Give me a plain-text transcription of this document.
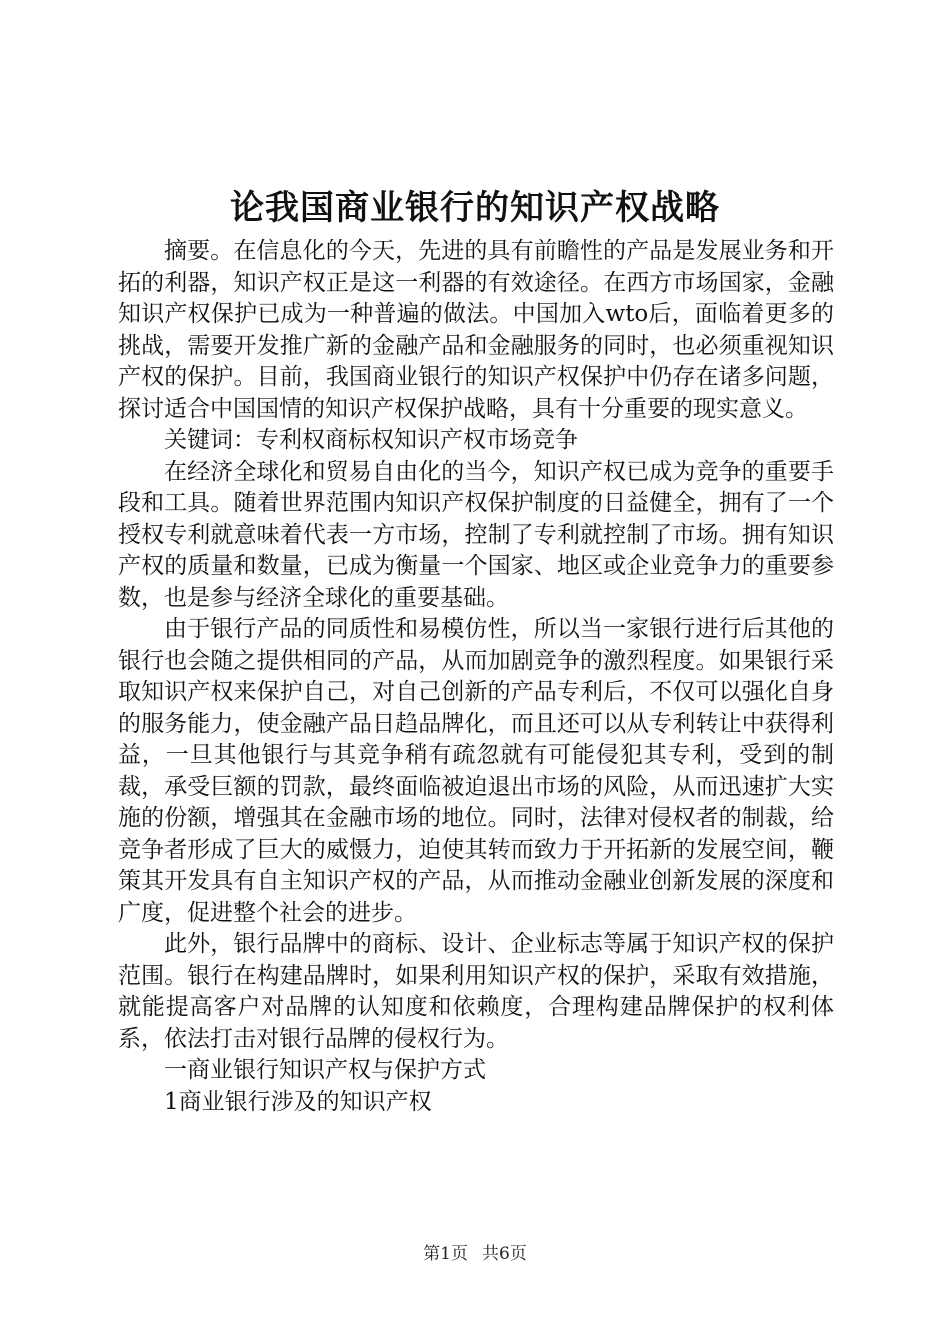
论我国商业银行的知识产权战略

摘要。在信息化的今天，先进的具有前瞻性的产品是发展业务和开拓的利器，知识产权正是这一利器的有效途径。在西方市场国家，金融知识产权保护已成为一种普遍的做法。中国加入wto后，面临着更多的挑战，需要开发推广新的金融产品和金融服务的同时，也必须重视知识产权的保护。目前，我国商业银行的知识产权保护中仍存在诸多问题，探讨适合中国国情的知识产权保护战略，具有十分重要的现实意义。

关键词：专利权商标权知识产权市场竞争

在经济全球化和贸易自由化的当今，知识产权已成为竞争的重要手段和工具。随着世界范围内知识产权保护制度的日益健全，拥有了一个授权专利就意味着代表一方市场，控制了专利就控制了市场。拥有知识产权的质量和数量，已成为衡量一个国家、地区或企业竞争力的重要参数，也是参与经济全球化的重要基础。

由于银行产品的同质性和易模仿性，所以当一家银行进行后其他的银行也会随之提供相同的产品，从而加剧竞争的激烈程度。如果银行采取知识产权来保护自己，对自己创新的产品专利后，不仅可以强化自身的服务能力，使金融产品日趋品牌化，而且还可以从专利转让中获得利益，一旦其他银行与其竞争稍有疏忽就有可能侵犯其专利，受到的制裁，承受巨额的罚款，最终面临被迫退出市场的风险，从而迅速扩大实施的份额，增强其在金融市场的地位。同时，法律对侵权者的制裁，给竞争者形成了巨大的威慑力，迫使其转而致力于开拓新的发展空间，鞭策其开发具有自主知识产权的产品，从而推动金融业创新发展的深度和广度，促进整个社会的进步。

此外，银行品牌中的商标、设计、企业标志等属于知识产权的保护范围。银行在构建品牌时，如果利用知识产权的保护，采取有效措施，就能提高客户对品牌的认知度和依赖度，合理构建品牌保护的权利体系，依法打击对银行品牌的侵权行为。

一商业银行知识产权与保护方式

1商业银行涉及的知识产权

第1页 共6页
